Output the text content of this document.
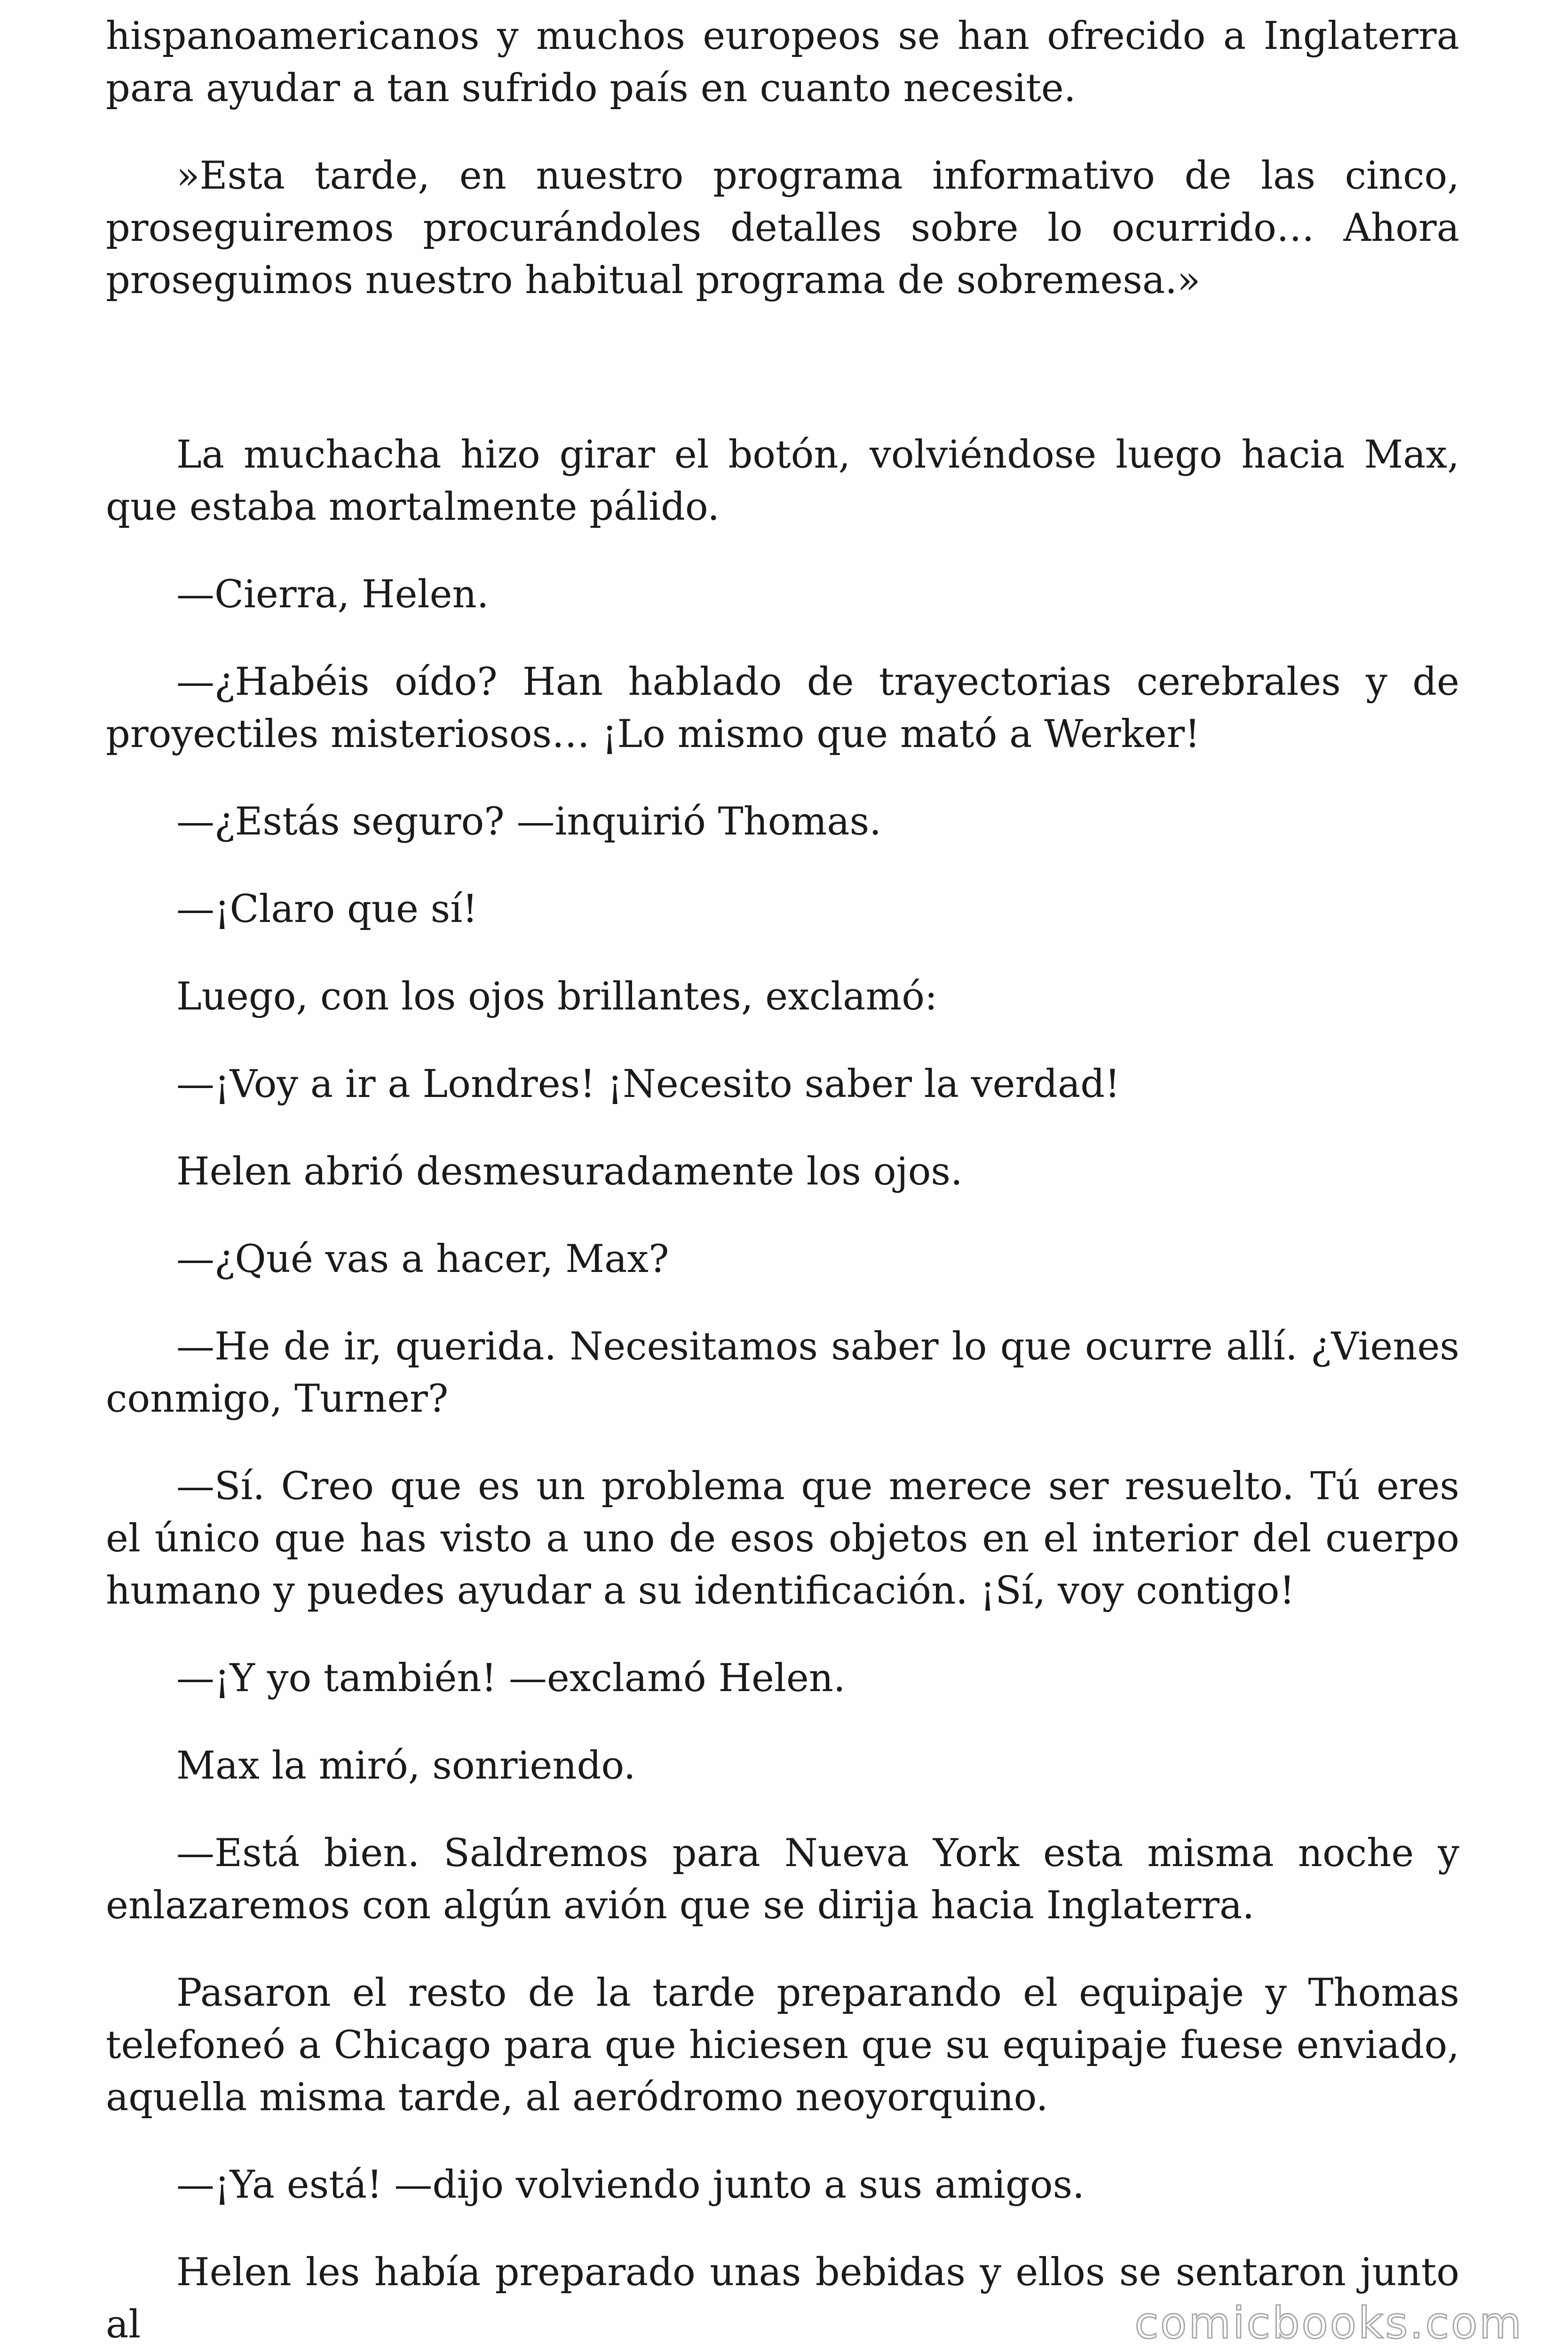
hispanoamericanos y muchos europeos se han ofrecido a Inglaterra para ayudar a tan sufrido país en cuanto necesite.

»Esta tarde, en nuestro programa informativo de las cinco, proseguiremos procurándoles detalles sobre lo ocurrido… Ahora proseguimos nuestro habitual programa de sobremesa.»

La muchacha hizo girar el botón, volviéndose luego hacia Max, que estaba mortalmente pálido.

—Cierra, Helen.

—¿Habéis oído? Han hablado de trayectorias cerebrales y de proyectiles misteriosos… ¡Lo mismo que mató a Werker!

—¿Estás seguro? —inquirió Thomas.

—¡Claro que sí!

Luego, con los ojos brillantes, exclamó:

—¡Voy a ir a Londres! ¡Necesito saber la verdad!

Helen abrió desmesuradamente los ojos.

—¿Qué vas a hacer, Max?

—He de ir, querida. Necesitamos saber lo que ocurre allí. ¿Vienes conmigo, Turner?

—Sí. Creo que es un problema que merece ser resuelto. Tú eres el único que has visto a uno de esos objetos en el interior del cuerpo humano y puedes ayudar a su identificación. ¡Sí, voy contigo!

—¡Y yo también! —exclamó Helen.

Max la miró, sonriendo.

—Está bien. Saldremos para Nueva York esta misma noche y enlazaremos con algún avión que se dirija hacia Inglaterra.

Pasaron el resto de la tarde preparando el equipaje y Thomas telefoneó a Chicago para que hiciesen que su equipaje fuese enviado, aquella misma tarde, al aeródromo neoyorquino.

—¡Ya está! —dijo volviendo junto a sus amigos.

Helen les había preparado unas bebidas y ellos se sentaron junto al	comicbooks.com
